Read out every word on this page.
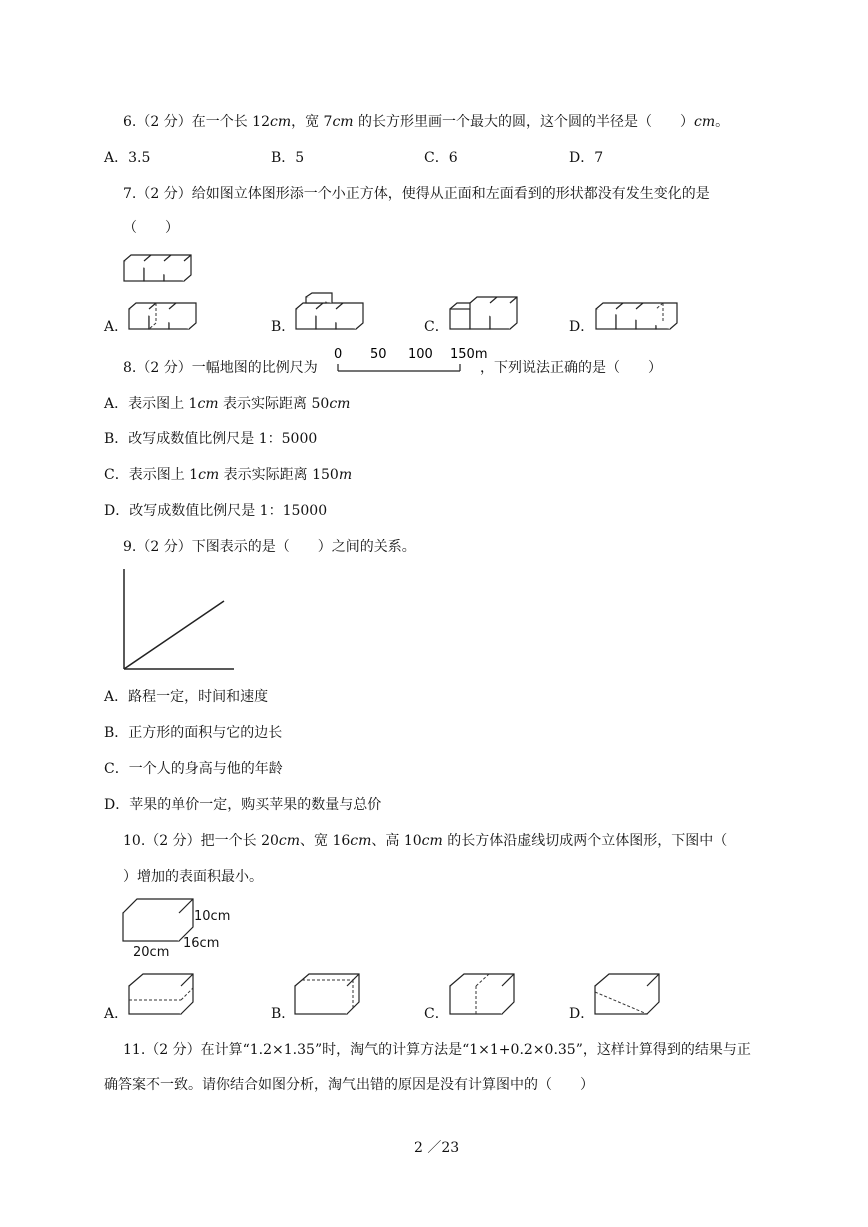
6.（2 分）在一个长 12cm，宽 7cm 的长方形里画一个最大的圆，这个圆的半径是（　　）cm。
A．3.5	B．5	C．6	D．7
7.（2 分）给如图立体图形添一个小正方体，使得从正面和左面看到的形状都没有发生变化的是
（　　）
A．	B．	C．	D．
8.（2 分）一幅地图的比例尺为
0 50 100 150m
，下列说法正确的是（　　）
A．表示图上 1cm 表示实际距离 50cm
B．改写成数值比例尺是 1：5000
C．表示图上 1cm 表示实际距离 150m
D．改写成数值比例尺是 1：15000
9.（2 分）下图表示的是（　　）之间的关系。
A．路程一定，时间和速度
B．正方形的面积与它的边长
C．一个人的身高与他的年龄
D．苹果的单价一定，购买苹果的数量与总价
10.（2 分）把一个长 20cm、宽 16cm、高 10cm 的长方体沿虚线切成两个立体图形，下图中（
）增加的表面积最小。
10cm
16cm
20cm
A．	B．	C．	D．
11.（2 分）在计算“1.2×1.35”时，淘气的计算方法是“1×1+0.2×0.35”，这样计算得到的结果与正
确答案不一致。请你结合如图分析，淘气出错的原因是没有计算图中的（　　）
2 ／23
